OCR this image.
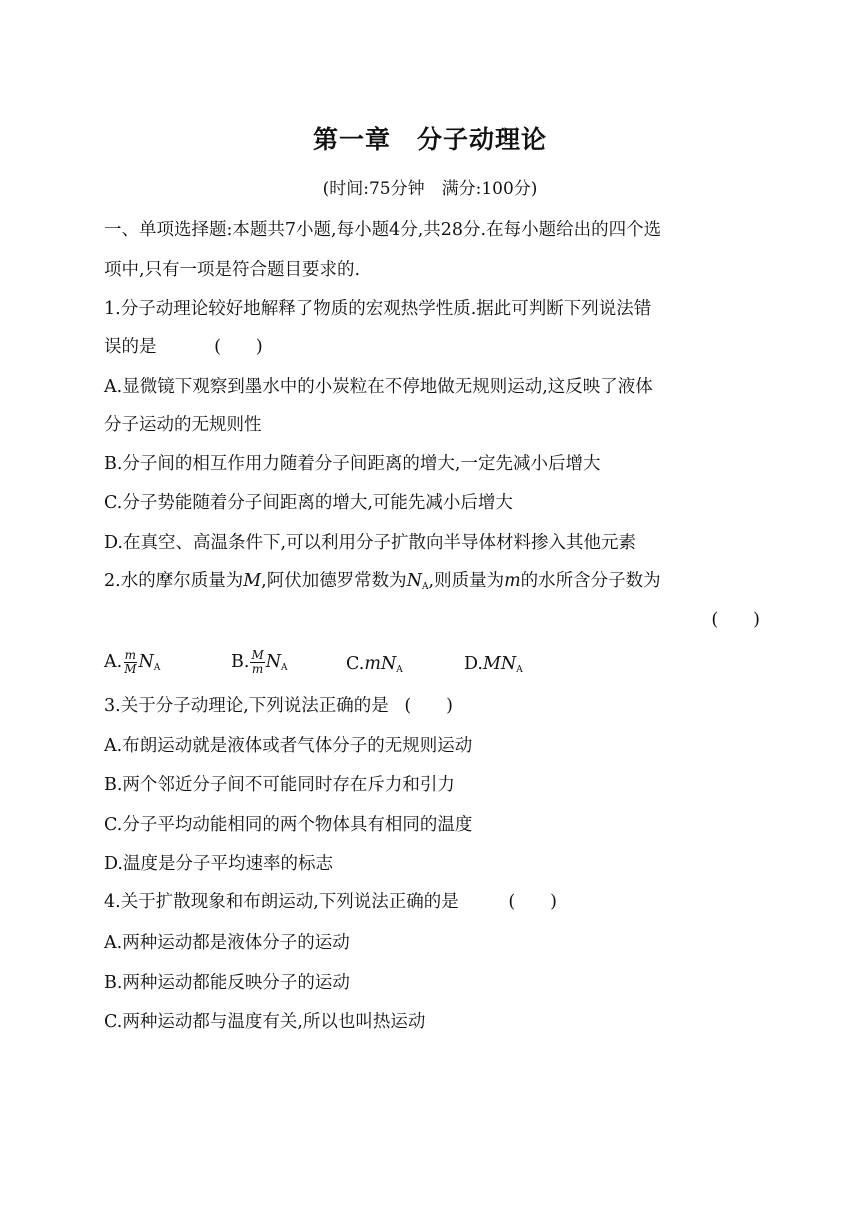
第一章　分子动理论
(时间:75分钟　满分:100分)
一、单项选择题:本题共7小题,每小题4分,共28分.在每小题给出的四个选
项中,只有一项是符合题目要求的.
1.分子动理论较好地解释了物质的宏观热学性质.据此可判断下列说法错
误的是	(　　)
A.显微镜下观察到墨水中的小炭粒在不停地做无规则运动,这反映了液体
分子运动的无规则性
B.分子间的相互作用力随着分子间距离的增大,一定先减小后增大
C.分子势能随着分子间距离的增大,可能先减小后增大
D.在真空、高温条件下,可以利用分子扩散向半导体材料掺入其他元素
2.水的摩尔质量为M,阿伏加德罗常数为$N_A$,则质量为m的水所含分子数为
(　　)
A. $\frac{m}{M} N_A$	B. $\frac{M}{m} N_A$	$C.mN_A$	$D.MN_A$
3.关于分子动理论,下列说法正确的是 (　　)
A.布朗运动就是液体或者气体分子的无规则运动
B.两个邻近分子间不可能同时存在斥力和引力
C.分子平均动能相同的两个物体具有相同的温度
D.温度是分子平均速率的标志
4.关于扩散现象和布朗运动,下列说法正确的是	(　　)
A.两种运动都是液体分子的运动
B.两种运动都能反映分子的运动
C.两种运动都与温度有关,所以也叫热运动
